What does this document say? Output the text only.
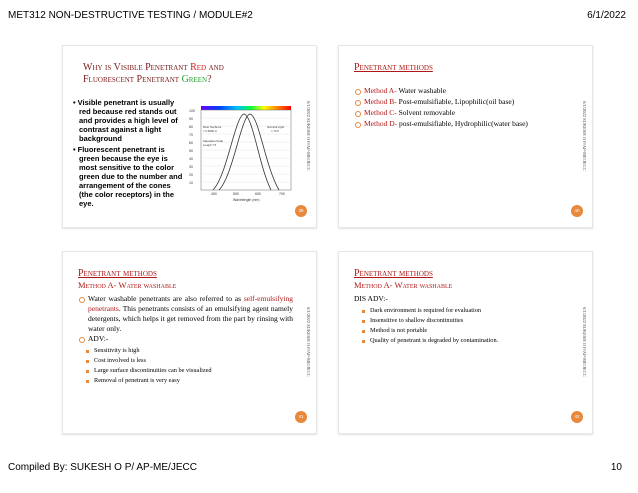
MET312 NON-DESTRUCTIVE TESTING / MODULE#2	6/1/2022
Why is Visible Penetrant Red and
Fluorescent Penetrant Green?
• Visible penetrant is usually red because red stands out and provides a high level of contrast against a light background
• Fluorescent penetrant is green because the eye is most sensitive to the color green due to the number and arrangement of the cones (the color receptors) in the eye.
100
90
80
70
60
50
40
30
20
10
400	500	600	700
Wavelength (nm)
Most Sunburnt
= 0.4800 m
Saturation Peak
Length 7.5
Nominal Light
= 70 ft	6/1/2022 SUKESH O P/AP-ME/JECC
39
Penetrant methods
Method A- Water washable
Method B- Post-emulsifiable, Lipophilic(oil base)
Method C- Solvent removable
Method D- post-emulsifiable, Hydrophilic(water base)	6/1/2022 SUKESH O P/AP-ME/JECC
40
Penetrant methods
Method A- Water washable
Water washable penetrants are also referred to as self-emulsifying penetrants. This penetrants consists of an emulsifying agent namely detergents, which helps it get removed from the part by rinsing with water only.
ADV:-
Sensitivity is high
Cost involved is less
Large surface discontinuities can be visualized
Removal of penetrant is very easy
6/1/2022 SUKESH O P/AP-ME/JECC
41
Penetrant methods
Method A- Water washable
DIS ADV:-
Dark environment is required for evaluation
Insensitive to shallow discontinuities
Method is not portable
Quality of penetrant is degraded by contamination.	6/1/2022 SUKESH O P/AP-ME/JECC
42
Compiled By: SUKESH O P/ AP-ME/JECC	10
